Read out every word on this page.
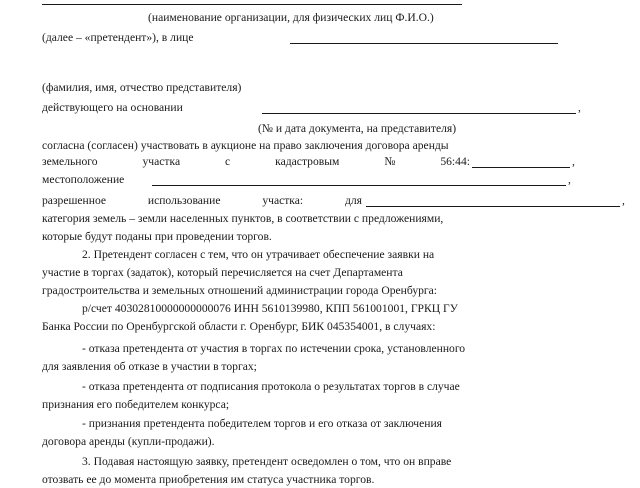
(наименование организации, для физических лиц Ф.И.О.)
(далее – «претендент»), в лице
(фамилия, имя, отчество представителя)
действующего на основании	,
(№ и дата документа, на представителя)
согласна (согласен) участвовать в аукционе на право заключения договора аренды
земельного	участка	с	кадастровым	№	56:44:	,
местоположение	,
разрешенное	использование	участка:	для	,
категория земель – земли населенных пунктов, в соответствии с предложениями,
которые будут поданы при проведении торгов.
2. Претендент согласен с тем, что он утрачивает обеспечение заявки на
участие в торгах (задаток), который перечисляется на счет Департамента
градостроительства и земельных отношений администрации города Оренбурга:
р/счет 40302810000000000076 ИНН 5610139980, КПП 561001001, ГРКЦ ГУ
Банка России по Оренбургской области г. Оренбург, БИК 045354001, в случаях:
- отказа претендента от участия в торгах по истечении срока, установленного
для заявления об отказе в участии в торгах;
- отказа претендента от подписания протокола о результатах торгов в случае
признания его победителем конкурса;
- признания претендента победителем торгов и его отказа от заключения
договора аренды (купли-продажи).
3. Подавая настоящую заявку, претендент осведомлен о том, что он вправе
отозвать ее до момента приобретения им статуса участника торгов.
